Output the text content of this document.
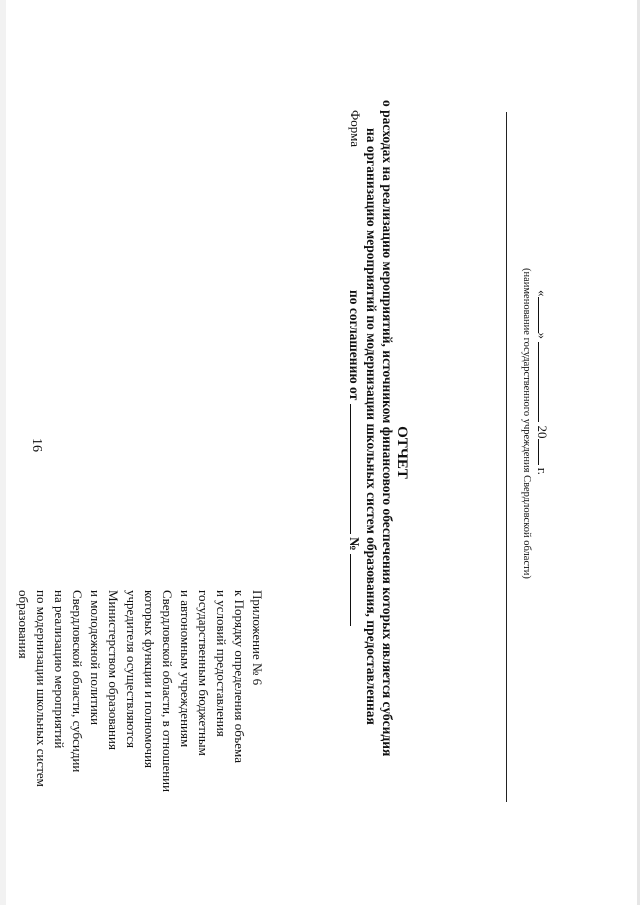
16
Приложение № 6
к Порядку определения объема
и условий предоставления
государственным бюджетным
и автономным учреждениям
Свердловской области, в отношении
которых функции и полномочия
учредителя осуществляются
Министерством образования
и молодежной политики
Свердловской области, субсидии
на реализацию мероприятий
по модернизации школьных систем
образования
Форма
ОТЧЕТ
о расходах на реализацию мероприятий, источником финансового обеспечения которых является субсидия
на организацию мероприятий по модернизации школьных систем образования, предоставленная
по соглашению от  №	(наименование государственного учреждения Свердловской области) «»  20 г.
